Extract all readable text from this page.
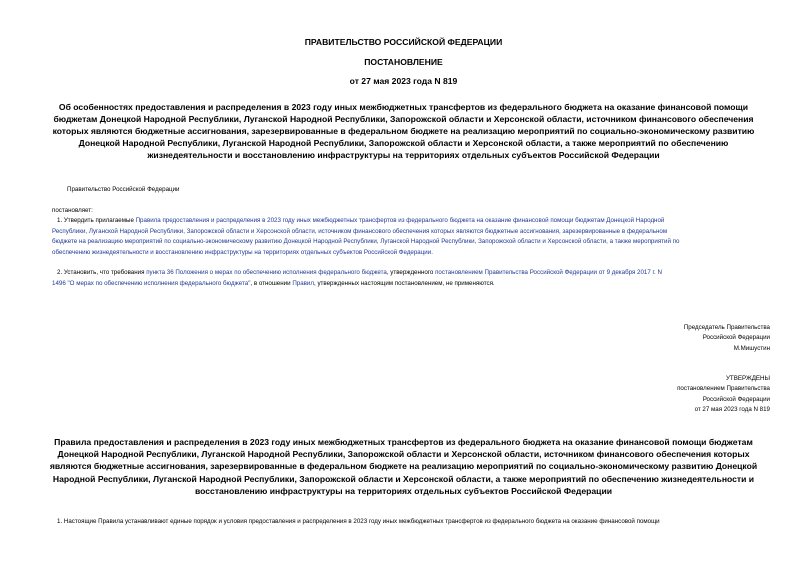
ПРАВИТЕЛЬСТВО РОССИЙСКОЙ ФЕДЕРАЦИИ
ПОСТАНОВЛЕНИЕ
от 27 мая 2023 года N 819
Об особенностях предоставления и распределения в 2023 году иных межбюджетных трансфертов из федерального бюджета на оказание финансовой помощи
бюджетам Донецкой Народной Республики, Луганской Народной Республики, Запорожской области и Херсонской области, источником финансового обеспечения
которых являются бюджетные ассигнования, зарезервированные в федеральном бюджете на реализацию мероприятий по социально-экономическому развитию
Донецкой Народной Республики, Луганской Народной Республики, Запорожской области и Херсонской области, а также мероприятий по обеспечению
жизнедеятельности и восстановлению инфраструктуры на территориях отдельных субъектов Российской Федерации
Правительство Российской Федерации
постановляет:
1. Утвердить прилагаемые Правила предоставления и распределения в 2023 году иных межбюджетных трансфертов из федерального бюджета на оказание финансовой помощи бюджетам Донецкой Народной
Республики, Луганской Народной Республики, Запорожской области и Херсонской области, источником финансового обеспечения которых являются бюджетные ассигнования, зарезервированные в федеральном
бюджете на реализацию мероприятий по социально-экономическому развитию Донецкой Народной Республики, Луганской Народной Республики, Запорожской области и Херсонской области, а также мероприятий по
обеспечению жизнедеятельности и восстановлению инфраструктуры на территориях отдельных субъектов Российской Федерации.
2. Установить, что требования пункта 36 Положения о мерах по обеспечению исполнения федерального бюджета, утвержденного постановлением Правительства Российской Федерации от 9 декабря 2017 г. N
1496 "О мерах по обеспечению исполнения федерального бюджета", в отношении Правил, утвержденных настоящим постановлением, не применяются.
Председатель Правительства
Российской Федерации
М.Мишустин
УТВЕРЖДЕНЫ
постановлением Правительства
Российской Федерации
от 27 мая 2023 года N 819
Правила предоставления и распределения в 2023 году иных межбюджетных трансфертов из федерального бюджета на оказание финансовой помощи бюджетам
Донецкой Народной Республики, Луганской Народной Республики, Запорожской области и Херсонской области, источником финансового обеспечения которых
являются бюджетные ассигнования, зарезервированные в федеральном бюджете на реализацию мероприятий по социально-экономическому развитию Донецкой
Народной Республики, Луганской Народной Республики, Запорожской области и Херсонской области, а также мероприятий по обеспечению жизнедеятельности и
восстановлению инфраструктуры на территориях отдельных субъектов Российской Федерации
1. Настоящие Правила устанавливают единые порядок и условия предоставления и распределения в 2023 году иных межбюджетных трансфертов из федерального бюджета на оказание финансовой помощи
